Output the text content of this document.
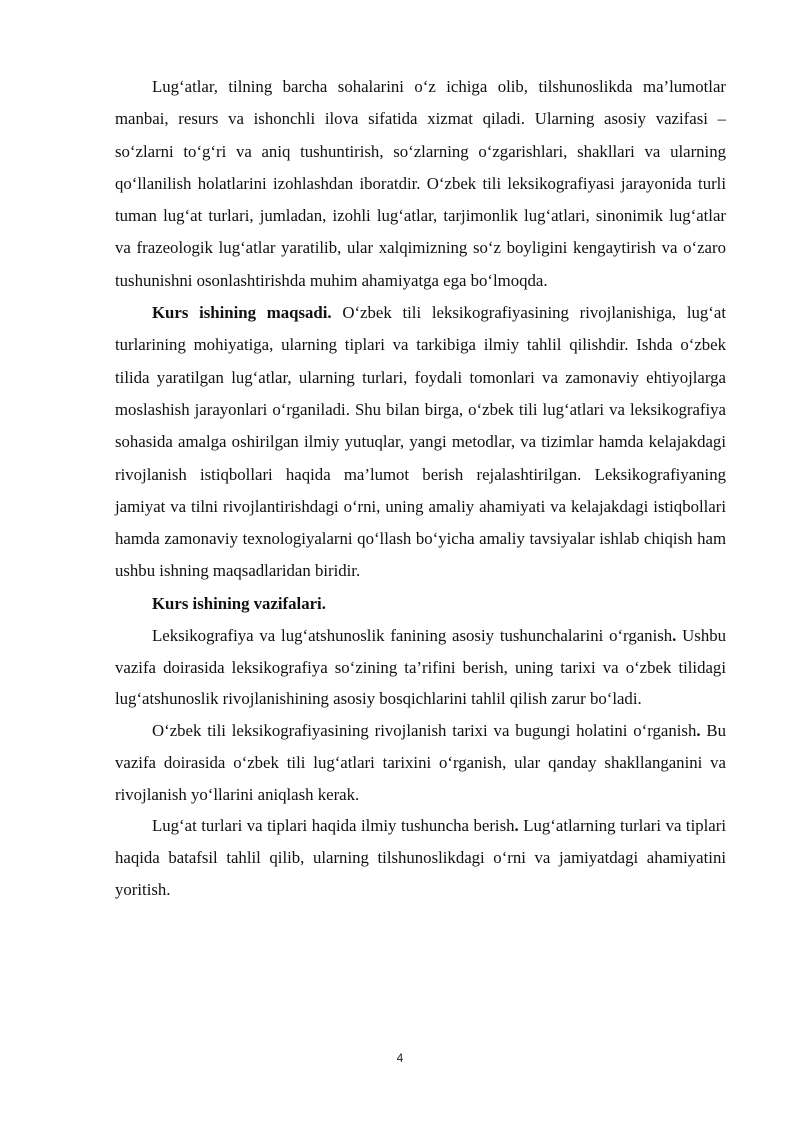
Lug‘atlar, tilning barcha sohalarini o‘z ichiga olib, tilshunoslikda ma’lumotlar manbai, resurs va ishonchli ilova sifatida xizmat qiladi. Ularning asosiy vazifasi – so‘zlarni to‘g‘ri va aniq tushuntirish, so‘zlarning o‘zgarishlari, shakllari va ularning qo‘llanilish holatlarini izohlashdan iboratdir. O‘zbek tili leksikografiyasi jarayonida turli tuman lug‘at turlari, jumladan, izohli lug‘atlar, tarjimonlik lug‘atlari, sinonimik lug‘atlar va frazeologik lug‘atlar yaratilib, ular xalqimizning so‘z boyligini kengaytirish va o‘zaro tushunishni osonlashtirishda muhim ahamiyatga ega bo‘lmoqda.

Kurs ishining maqsadi. O‘zbek tili leksikografiyasining rivojlanishiga, lug‘at turlarining mohiyatiga, ularning tiplari va tarkibiga ilmiy tahlil qilishdir. Ishda o‘zbek tilida yaratilgan lug‘atlar, ularning turlari, foydali tomonlari va zamonaviy ehtiyojlarga moslashish jarayonlari o‘rganiladi. Shu bilan birga, o‘zbek tili lug‘atlari va leksikografiya sohasida amalga oshirilgan ilmiy yutuqlar, yangi metodlar, va tizimlar hamda kelajakdagi rivojlanish istiqbollari haqida ma’lumot berish rejalashtirilgan. Leksikografiyaning jamiyat va tilni rivojlantirishdagi o‘rni, uning amaliy ahamiyati va kelajakdagi istiqbollari hamda zamonaviy texnologiyalarni qo‘llash bo‘yicha amaliy tavsiyalar ishlab chiqish ham ushbu ishning maqsadlaridan biridir.

Kurs ishining vazifalari.

Leksikografiya va lug‘atshunoslik fanining asosiy tushunchalarini o‘rganish. Ushbu vazifa doirasida leksikografiya so‘zining ta’rifini berish, uning tarixi va o‘zbek tilidagi lug‘atshunoslik rivojlanishining asosiy bosqichlarini tahlil qilish zarur bo‘ladi.

O‘zbek tili leksikografiyasining rivojlanish tarixi va bugungi holatini o‘rganish. Bu vazifa doirasida o‘zbek tili lug‘atlari tarixini o‘rganish, ular qanday shakllanganini va rivojlanish yo‘llarini aniqlash kerak.

Lug‘at turlari va tiplari haqida ilmiy tushuncha berish. Lug‘atlarning turlari va tiplari haqida batafsil tahlil qilib, ularning tilshunoslikdagi o‘rni va jamiyatdagi ahamiyatini yoritish.

4
